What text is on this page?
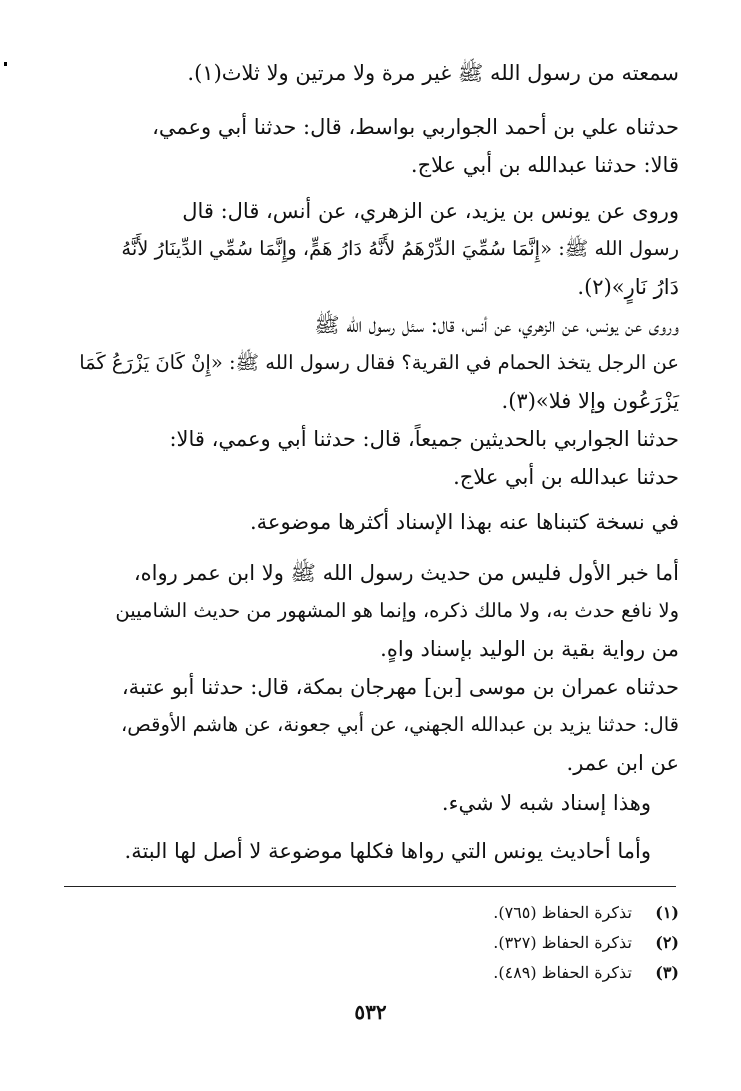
سمعته من رسول الله ﷺ غير مرة ولا مرتين ولا ثلاث(١).

حدثناه علي بن أحمد الجواربي بواسط، قال: حدثنا أبي وعمي،
قالا: حدثنا عبدالله بن أبي علاج.

وروى عن يونس بن يزيد، عن الزهري، عن أنس، قال: قال
رسول الله ﷺ: «إِنَّمَا سُمِّيَ الدِّرْهَمُ لأَنَّهُ دَارُ هَمٍّ، وإِنَّمَا سُمِّي الدِّينَارُ لأَنَّهُ
دَارُ نَارٍ»(٢).

وروى عن يونس، عن الزهري، عن أنس، قال: سئل رسول الله ﷺ
عن الرجل يتخذ الحمام في القرية؟ فقال رسول الله ﷺ: «إِنْ كَانَ يَزْرَعُ كَمَا
يَزْرَعُون وإلا فلا»(٣).

حدثنا الجواربي بالحديثين جميعاً، قال: حدثنا أبي وعمي، قالا:
حدثنا عبدالله بن أبي علاج.

في نسخة كتبناها عنه بهذا الإسناد أكثرها موضوعة.

أما خبر الأول فليس من حديث رسول الله ﷺ ولا ابن عمر رواه،
ولا نافع حدث به، ولا مالك ذكره، وإنما هو المشهور من حديث الشاميين
من رواية بقية بن الوليد بإسناد واهٍ.

حدثناه عمران بن موسى [بن] مهرجان بمكة، قال: حدثنا أبو عتبة،
قال: حدثنا يزيد بن عبدالله الجهني، عن أبي جعونة، عن هاشم الأوقص،
عن ابن عمر.

وهذا إسناد شبه لا شيء.

وأما أحاديث يونس التي رواها فكلها موضوعة لا أصل لها البتة.

(١) تذكرة الحفاظ (٧٦٥).
(٢) تذكرة الحفاظ (٣٢٧).
(٣) تذكرة الحفاظ (٤٨٩).
٥٣٢
